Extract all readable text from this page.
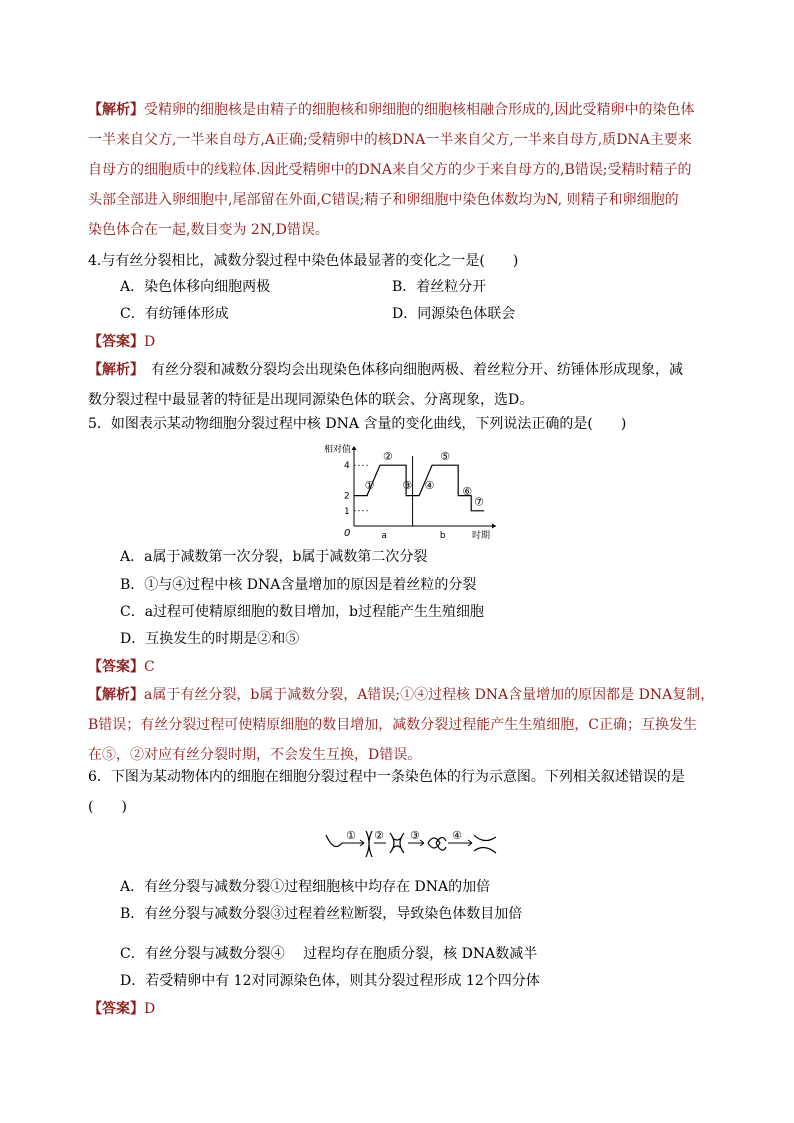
【解析】受精卵的细胞核是由精子的细胞核和卵细胞的细胞核相融合形成的,因此受精卵中的染色体
一半来自父方,一半来自母方,A正确;受精卵中的核DNA一半来自父方,一半来自母方,质DNA主要来
自母方的细胞质中的线粒体.因此受精卵中的DNA来自父方的少于来自母方的,B错误;受精时精子的
头部全部进入卵细胞中,尾部留在外面,C错误;精子和卵细胞中染色体数均为N, 则精子和卵细胞的
染色体合在一起,数目变为 2N,D错误。
4.与有丝分裂相比，减数分裂过程中染色体最显著的变化之一是(　　)
A．染色体移向细胞两极	B．着丝粒分开
C．有纺锤体形成	D．同源染色体联会
【答案】D
【解析】　有丝分裂和减数分裂均会出现染色体移向细胞两极、着丝粒分开、纺锤体形成现象，减
数分裂过程中最显著的特征是出现同源染色体的联会、分离现象，选D。
5．如图表示某动物细胞分裂过程中核 DNA 含量的变化曲线，下列说法正确的是(　　)
相对值
时期
0
1
2
4
a	b
①
②
③ ④
⑤
⑥
⑦
A．a属于减数第一次分裂，b属于减数第二次分裂
B．①与④过程中核 DNA含量增加的原因是着丝粒的分裂
C．a过程可使精原细胞的数目增加，b过程能产生生殖细胞
D．互换发生的时期是②和⑤
【答案】C
【解析】a属于有丝分裂，b属于减数分裂，A错误;①④过程核 DNA含量增加的原因都是 DNA复制，
B错误；有丝分裂过程可使精原细胞的数目增加，减数分裂过程能产生生殖细胞，C正确；互换发生
在⑤，②对应有丝分裂时期，不会发生互换，D错误。
6．下图为某动物体内的细胞在细胞分裂过程中一条染色体的行为示意图。下列相关叙述错误的是
(　　)
① ② ③	④
A．有丝分裂与减数分裂①过程细胞核中均存在 DNA的加倍
B．有丝分裂与减数分裂③过程着丝粒断裂，导致染色体数目加倍
C．有丝分裂与减数分裂④　 过程均存在胞质分裂，核 DNA数减半
D．若受精卵中有 12对同源染色体，则其分裂过程形成 12个四分体
【答案】D
